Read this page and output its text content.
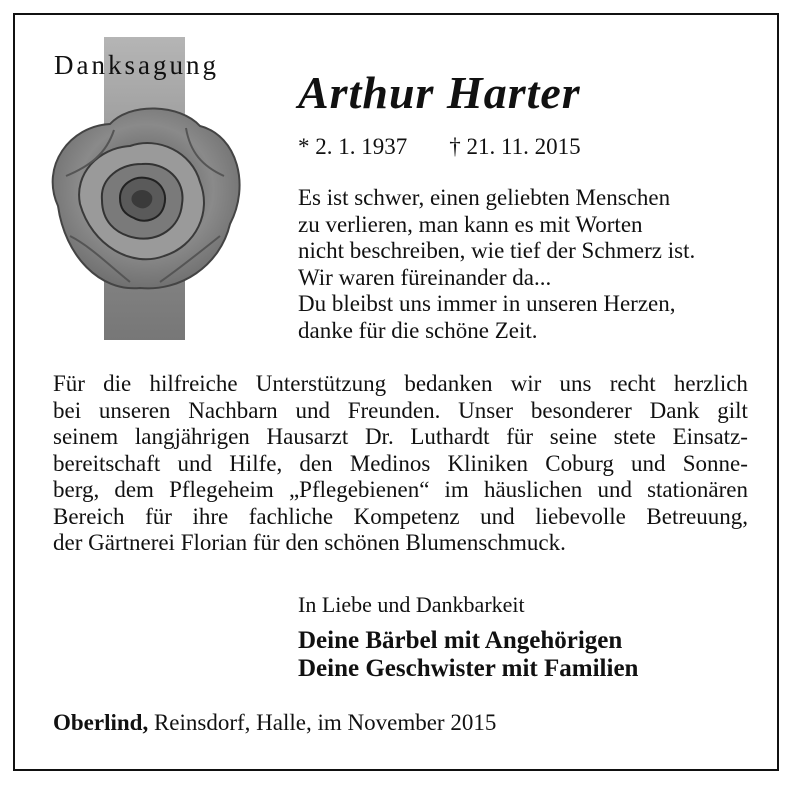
Danksagung
Arthur Harter
* 2. 1. 1937 † 21. 11. 2015
Es ist schwer, einen geliebten Menschen
zu verlieren, man kann es mit Worten
nicht beschreiben, wie tief der Schmerz ist.
Wir waren füreinander da...
Du bleibst uns immer in unseren Herzen,
danke für die schöne Zeit.
Für die hilfreiche Unterstützung bedanken wir uns recht herzlich
bei unseren Nachbarn und Freunden. Unser besonderer Dank gilt
seinem langjährigen Hausarzt Dr. Luthardt für seine stete Einsatz-
bereitschaft und Hilfe, den Medinos Kliniken Coburg und Sonne-
berg, dem Pflegeheim „Pflegebienen“ im häuslichen und stationären
Bereich für ihre fachliche Kompetenz und liebevolle Betreuung,
der Gärtnerei Florian für den schönen Blumenschmuck.
In Liebe und Dankbarkeit
Deine Bärbel mit Angehörigen
Deine Geschwister mit Familien
Oberlind, Reinsdorf, Halle, im November 2015
